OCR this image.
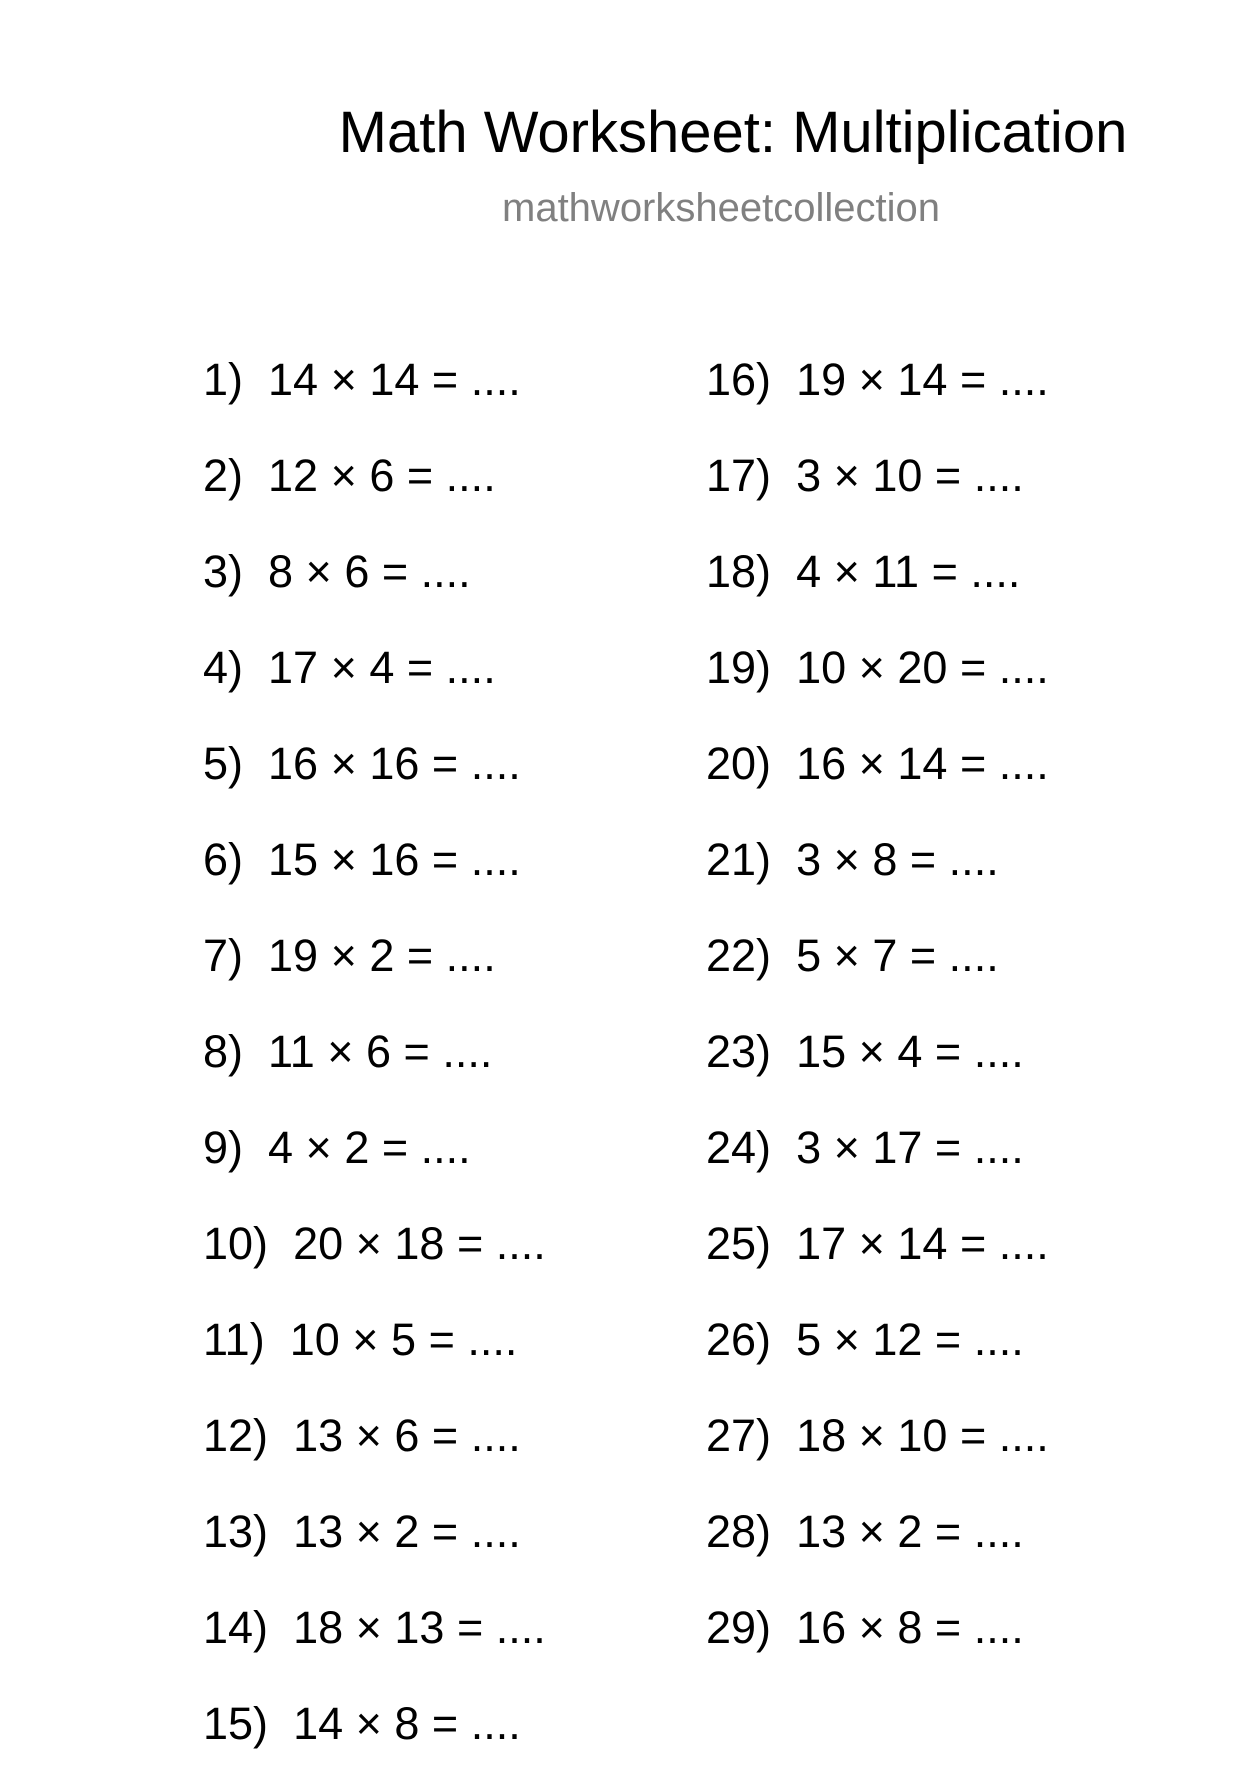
Math Worksheet: Multiplication
mathworksheetcollection
1) 14 × 14 = ....
2) 12 × 6 = ....
3) 8 × 6 = ....
4) 17 × 4 = ....
5) 16 × 16 = ....
6) 15 × 16 = ....
7) 19 × 2 = ....
8) 11 × 6 = ....
9) 4 × 2 = ....
10) 20 × 18 = ....
11) 10 × 5 = ....
12) 13 × 6 = ....
13) 13 × 2 = ....
14) 18 × 13 = ....
15) 14 × 8 = ....
16) 19 × 14 = ....
17) 3 × 10 = ....
18) 4 × 11 = ....
19) 10 × 20 = ....
20) 16 × 14 = ....
21) 3 × 8 = ....
22) 5 × 7 = ....
23) 15 × 4 = ....
24) 3 × 17 = ....
25) 17 × 14 = ....
26) 5 × 12 = ....
27) 18 × 10 = ....
28) 13 × 2 = ....
29) 16 × 8 = ....
